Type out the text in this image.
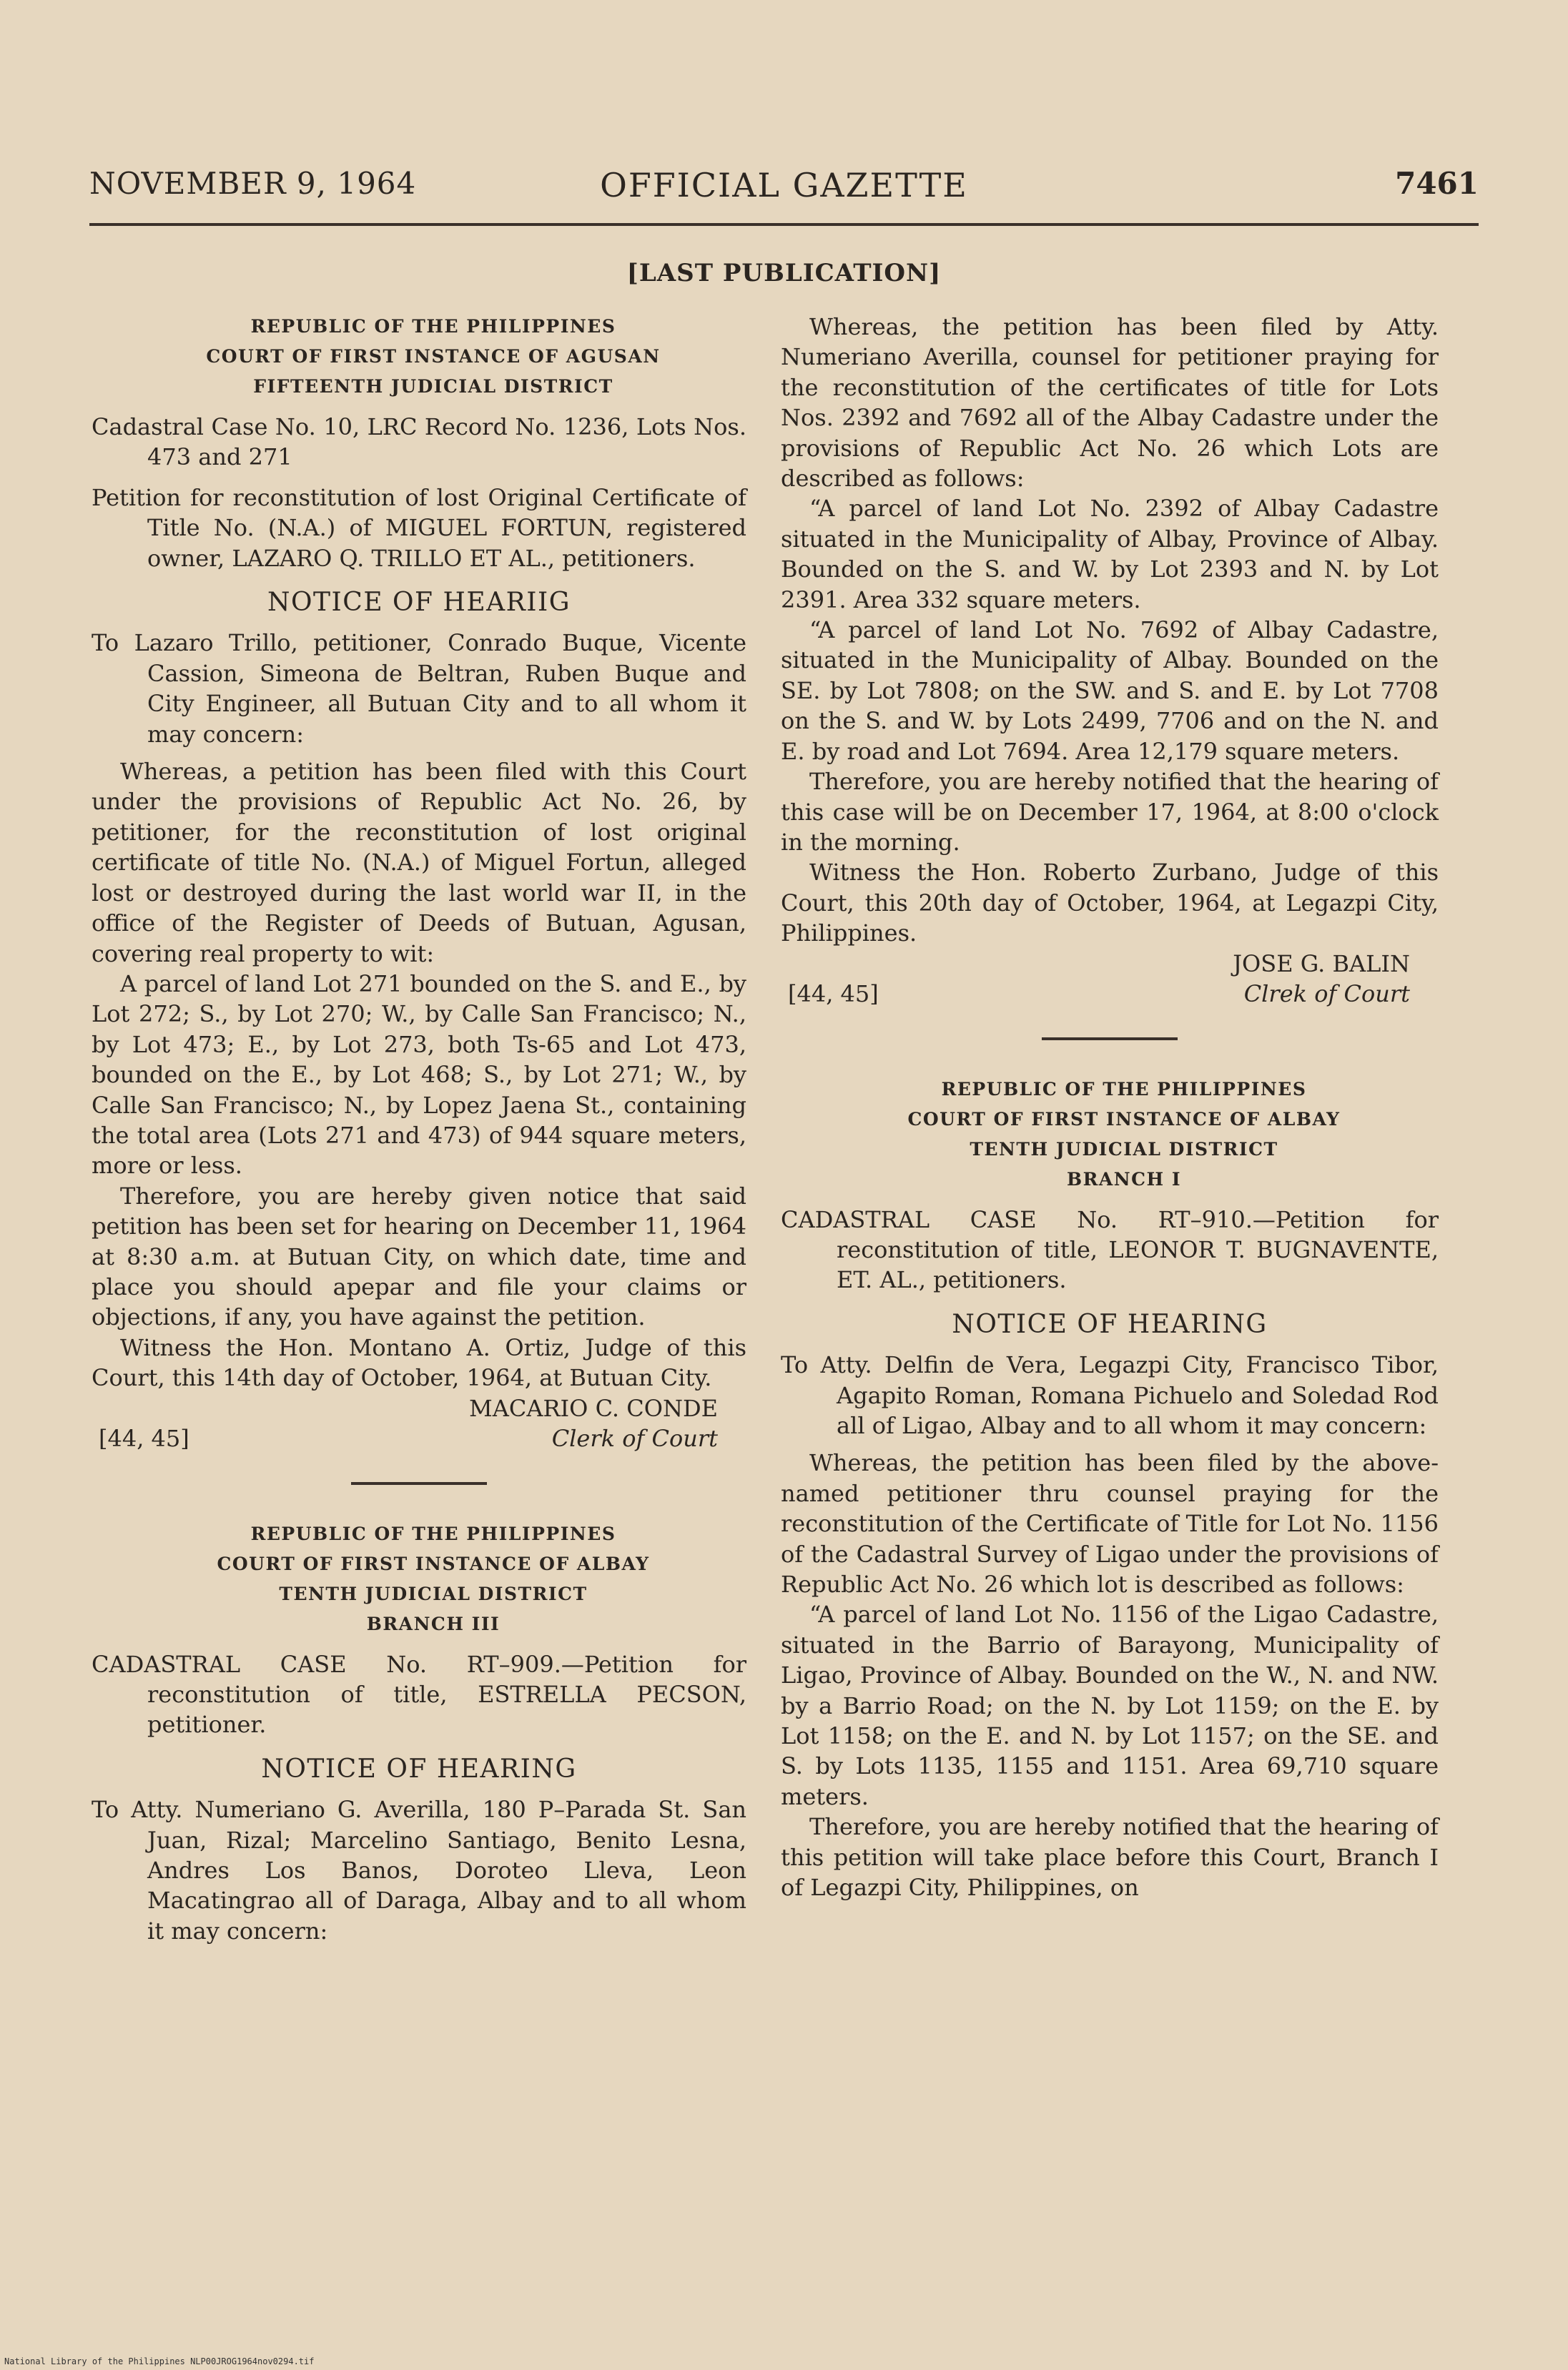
NOVEMBER 9, 1964	OFFICIAL GAZETTE	7461
[LAST PUBLICATION]

REPUBLIC OF THE PHILIPPINES

COURT OF FIRST INSTANCE OF AGUSAN

FIFTEENTH JUDICIAL DISTRICT

Cadastral Case No. 10, LRC Record No. 1236, Lots Nos. 473 and 271
Petition for reconstitution of lost Original Certificate of Title No. (N.A.) of MIGUEL FORTUN, registered owner, LAZARO Q. TRILLO ET AL., petitioners.
NOTICE OF HEARIIG
To Lazaro Trillo, petitioner, Conrado Buque, Vicente Cassion, Simeona de Beltran, Ruben Buque and City Engineer, all Butuan City and to all whom it may concern:

Whereas, a petition has been filed with this Court under the provisions of Republic Act No. 26, by petitioner, for the reconstitution of lost original certificate of title No. (N.A.) of Miguel Fortun, alleged lost or destroyed during the last world war II, in the office of the Register of Deeds of Butuan, Agusan, covering real property to wit:

A parcel of land Lot 271 bounded on the S. and E., by Lot 272; S., by Lot 270; W., by Calle San Francisco; N., by Lot 473; E., by Lot 273, both Ts-65 and Lot 473, bounded on the E., by Lot 468; S., by Lot 271; W., by Calle San Francisco; N., by Lopez Jaena St., containing the total area (Lots 271 and 473) of 944 square meters, more or less.

Therefore, you are hereby given notice that said petition has been set for hearing on December 11, 1964 at 8:30 a.m. at Butuan City, on which date, time and place you should apepar and file your claims or objections, if any, you have against the petition.

Witness the Hon. Montano A. Ortiz, Judge of this Court, this 14th day of October, 1964, at Butuan City.

MACARIO C. CONDE
[44, 45]	Clerk of Court

REPUBLIC OF THE PHILIPPINES

COURT OF FIRST INSTANCE OF ALBAY

TENTH JUDICIAL DISTRICT

BRANCH III

CADASTRAL CASE No. RT–909.—Petition for reconstitution of title, ESTRELLA PECSON, petitioner.
NOTICE OF HEARING
To Atty. Numeriano G. Averilla, 180 P–Parada St. San Juan, Rizal; Marcelino Santiago, Benito Lesna, Andres Los Banos, Doroteo Lleva, Leon Macatingrao all of Daraga, Albay and to all whom it may concern:

Whereas, the petition has been filed by Atty. Numeriano Averilla, counsel for petitioner praying for the reconstitution of the certificates of title for Lots Nos. 2392 and 7692 all of the Albay Cadastre under the provisions of Republic Act No. 26 which Lots are described as follows:

“A parcel of land Lot No. 2392 of Albay Cadastre situated in the Municipality of Albay, Province of Albay. Bounded on the S. and W. by Lot 2393 and N. by Lot 2391. Area 332 square meters.

“A parcel of land Lot No. 7692 of Albay Cadastre, situated in the Municipality of Albay. Bounded on the SE. by Lot 7808; on the SW. and S. and E. by Lot 7708 on the S. and W. by Lots 2499, 7706 and on the N. and E. by road and Lot 7694. Area 12,179 square meters.

Therefore, you are hereby notified that the hearing of this case will be on December 17, 1964, at 8:00 o'clock in the morning.

Witness the Hon. Roberto Zurbano, Judge of this Court, this 20th day of October, 1964, at Legazpi City, Philippines.

JOSE G. BALIN
[44, 45]	Clrek of Court

REPUBLIC OF THE PHILIPPINES

COURT OF FIRST INSTANCE OF ALBAY

TENTH JUDICIAL DISTRICT

BRANCH I

CADASTRAL CASE No. RT–910.—Petition for reconstitution of title, LEONOR T. BUGNAVENTE, ET. AL., petitioners.
NOTICE OF HEARING
To Atty. Delfin de Vera, Legazpi City, Francisco Tibor, Agapito Roman, Romana Pichuelo and Soledad Rod all of Ligao, Albay and to all whom it may concern:

Whereas, the petition has been filed by the above-named petitioner thru counsel praying for the reconstitution of the Certificate of Title for Lot No. 1156 of the Cadastral Survey of Ligao under the provisions of Republic Act No. 26 which lot is described as follows:

“A parcel of land Lot No. 1156 of the Ligao Cadastre, situated in the Barrio of Barayong, Municipality of Ligao, Province of Albay. Bounded on the W., N. and NW. by a Barrio Road; on the N. by Lot 1159; on the E. by Lot 1158; on the E. and N. by Lot 1157; on the SE. and S. by Lots 1135, 1155 and 1151. Area 69,710 square meters.

Therefore, you are hereby notified that the hearing of this petition will take place before this Court, Branch I of Legazpi City, Philippines, on

National Library of the Philippines NLP00JROG1964nov0294.tif
